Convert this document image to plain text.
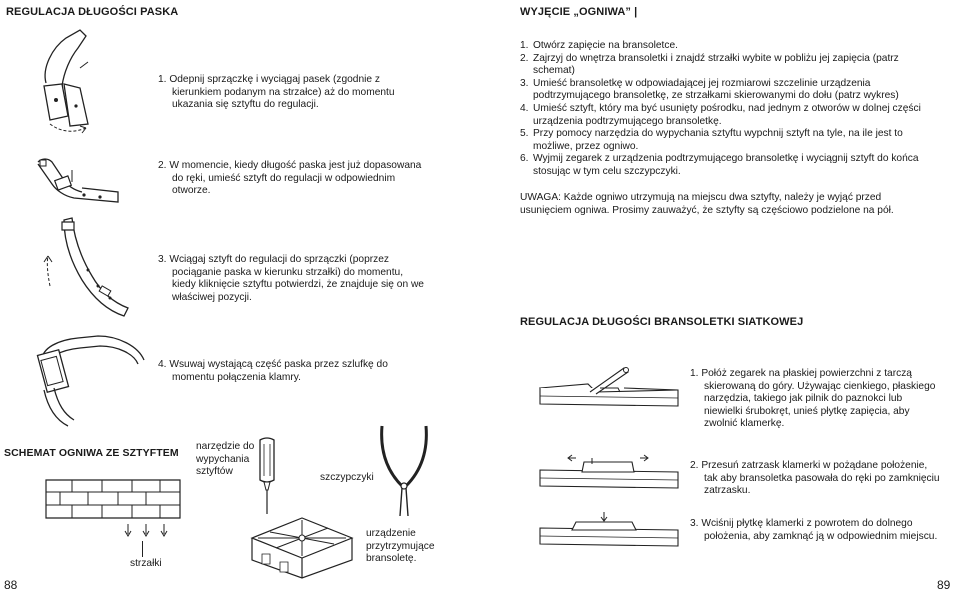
REGULACJA DŁUGOŚCI PASKA
1. Odepnij sprzączkę i wyciągaj pasek (zgodnie z
kierunkiem podanym na strzałce) aż do momentu
ukazania się sztyftu do regulacji.
2. W momencie, kiedy długość paska jest już dopasowana
do ręki, umieść sztyft do regulacji w odpowiednim
otworze.
3. Wciągaj sztyft do regulacji do sprzączki (poprzez
pociąganie paska w kierunku strzałki) do momentu,
kiedy kliknięcie sztyftu potwierdzi, że znajduje się on we
właściwej pozycji.
4. Wsuwaj wystającą część paska przez szlufkę do
momentu połączenia klamry.
SCHEMAT OGNIWA ZE SZTYFTEM
strzałki
narzędzie do
wypychania
sztyftów
szczypczyki
urządzenie
przytrzymujące
bransoletę.
88
WYJĘCIE „OGNIWA” |
1. Otwórz zapięcie na bransoletce.
2. Zajrzyj do wnętrza bransoletki i znajdź strzałki wybite w pobliżu jej zapięcia (patrz schemat)
3. Umieść bransoletkę w odpowiadającej jej rozmiarowi szczelinie urządzenia podtrzymującego bransoletkę, ze strzałkami skierowanymi do dołu (patrz wykres)
4. Umieść sztyft, który ma być usunięty pośrodku, nad jednym z otworów w dolnej części urządzenia podtrzymującego bransoletkę.
5. Przy pomocy narzędzia do wypychania sztyftu wypchnij sztyft na tyle, na ile jest to możliwe, przez ogniwo.
6. Wyjmij zegarek z urządzenia podtrzymującego bransoletkę i wyciągnij sztyft do końca stosując w tym celu szczypczyki.
UWAGA: Każde ogniwo utrzymują na miejscu dwa sztyfty, należy je wyjąć przed
usunięciem ogniwa. Prosimy zauważyć, że sztyfty są częściowo podzielone na pół.
REGULACJA DŁUGOŚCI BRANSOLETKI SIATKOWEJ
1. Połóż zegarek na płaskiej powierzchni z tarczą
skierowaną do góry. Używając cienkiego, płaskiego
narzędzia, takiego jak pilnik do paznokci lub
niewielki śrubokręt, unieś płytkę zapięcia, aby
zwolnić klamerkę.
2. Przesuń zatrzask klamerki w pożądane położenie,
tak aby bransoletka pasowała do ręki po zamknięciu
zatrzasku.
3. Wciśnij płytkę klamerki z powrotem do dolnego
położenia, aby zamknąć ją w odpowiednim miejscu.
89
